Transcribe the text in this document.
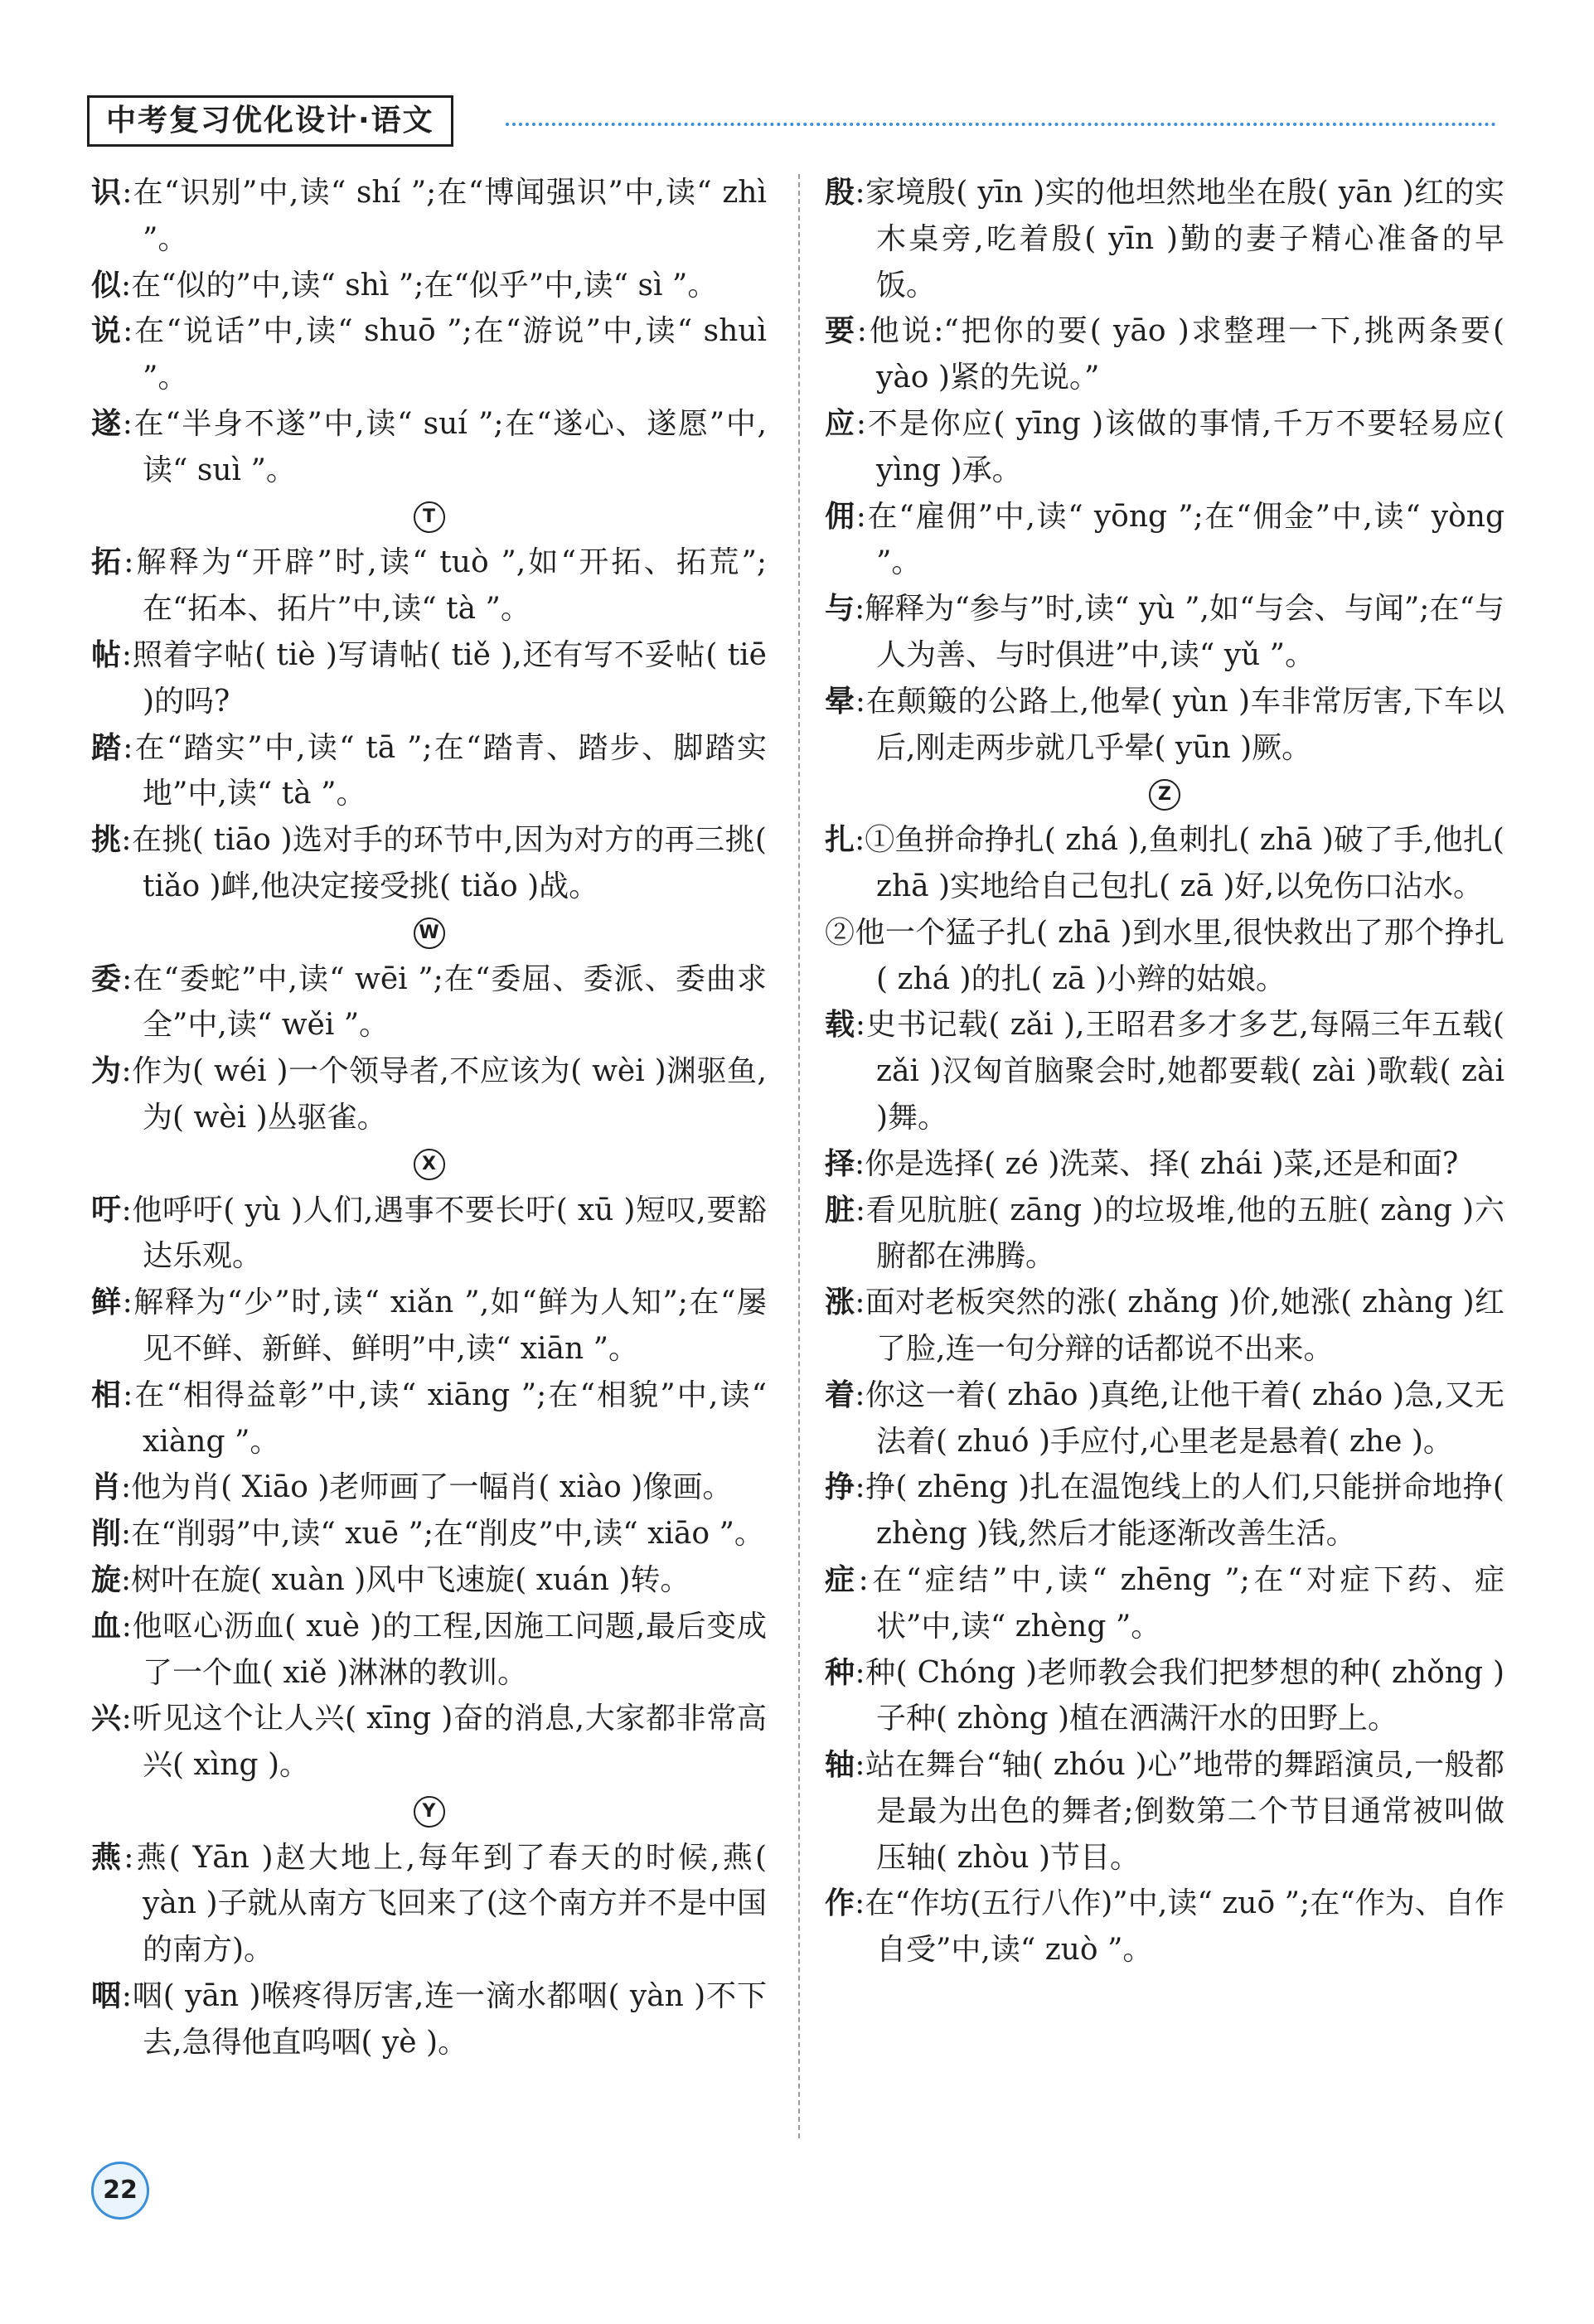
中考复习优化设计·语文
识:在“识别”中,读“ shí ”;在“博闻强识”中,读“ zhì ”。
似:在“似的”中,读“ shì ”;在“似乎”中,读“ sì ”。
说:在“说话”中,读“ shuō ”;在“游说”中,读“ shuì ”。
遂:在“半身不遂”中,读“ suí ”;在“遂心、遂愿”中,读“ suì ”。
T
拓:解释为“开辟”时,读“ tuò ”,如“开拓、拓荒”;在“拓本、拓片”中,读“ tà ”。
帖:照着字帖( tiè )写请帖( tiě ),还有写不妥帖( tiē )的吗?
踏:在“踏实”中,读“ tā ”;在“踏青、踏步、脚踏实地”中,读“ tà ”。
挑:在挑( tiāo )选对手的环节中,因为对方的再三挑( tiǎo )衅,他决定接受挑( tiǎo )战。
W
委:在“委蛇”中,读“ wēi ”;在“委屈、委派、委曲求全”中,读“ wěi ”。
为:作为( wéi )一个领导者,不应该为( wèi )渊驱鱼,为( wèi )丛驱雀。
X
吁:他呼吁( yù )人们,遇事不要长吁( xū )短叹,要豁达乐观。
鲜:解释为“少”时,读“ xiǎn ”,如“鲜为人知”;在“屡见不鲜、新鲜、鲜明”中,读“ xiān ”。
相:在“相得益彰”中,读“ xiāng ”;在“相貌”中,读“ xiàng ”。
肖:他为肖( Xiāo )老师画了一幅肖( xiào )像画。
削:在“削弱”中,读“ xuē ”;在“削皮”中,读“ xiāo ”。
旋:树叶在旋( xuàn )风中飞速旋( xuán )转。
血:他呕心沥血( xuè )的工程,因施工问题,最后变成了一个血( xiě )淋淋的教训。
兴:听见这个让人兴( xīng )奋的消息,大家都非常高兴( xìng )。
Y
燕:燕( Yān )赵大地上,每年到了春天的时候,燕( yàn )子就从南方飞回来了(这个南方并不是中国的南方)。
咽:咽( yān )喉疼得厉害,连一滴水都咽( yàn )不下去,急得他直呜咽( yè )。
殷:家境殷( yīn )实的他坦然地坐在殷( yān )红的实木桌旁,吃着殷( yīn )勤的妻子精心准备的早饭。
要:他说:“把你的要( yāo )求整理一下,挑两条要( yào )紧的先说。”
应:不是你应( yīng )该做的事情,千万不要轻易应( yìng )承。
佣:在“雇佣”中,读“ yōng ”;在“佣金”中,读“ yòng ”。
与:解释为“参与”时,读“ yù ”,如“与会、与闻”;在“与人为善、与时俱进”中,读“ yǔ ”。
晕:在颠簸的公路上,他晕( yùn )车非常厉害,下车以后,刚走两步就几乎晕( yūn )厥。
Z
扎:①鱼拼命挣扎( zhá ),鱼刺扎( zhā )破了手,他扎( zhā )实地给自己包扎( zā )好,以免伤口沾水。
②他一个猛子扎( zhā )到水里,很快救出了那个挣扎( zhá )的扎( zā )小辫的姑娘。
载:史书记载( zǎi ),王昭君多才多艺,每隔三年五载( zǎi )汉匈首脑聚会时,她都要载( zài )歌载( zài )舞。
择:你是选择( zé )洗菜、择( zhái )菜,还是和面?
脏:看见肮脏( zāng )的垃圾堆,他的五脏( zàng )六腑都在沸腾。
涨:面对老板突然的涨( zhǎng )价,她涨( zhàng )红了脸,连一句分辩的话都说不出来。
着:你这一着( zhāo )真绝,让他干着( zháo )急,又无法着( zhuó )手应付,心里老是悬着( zhe )。
挣:挣( zhēng )扎在温饱线上的人们,只能拼命地挣( zhèng )钱,然后才能逐渐改善生活。
症:在“症结”中,读“ zhēng ”;在“对症下药、症状”中,读“ zhèng ”。
种:种( Chóng )老师教会我们把梦想的种( zhǒng )子种( zhòng )植在洒满汗水的田野上。
轴:站在舞台“轴( zhóu )心”地带的舞蹈演员,一般都是最为出色的舞者;倒数第二个节目通常被叫做压轴( zhòu )节目。
作:在“作坊(五行八作)”中,读“ zuō ”;在“作为、自作自受”中,读“ zuò ”。
22
